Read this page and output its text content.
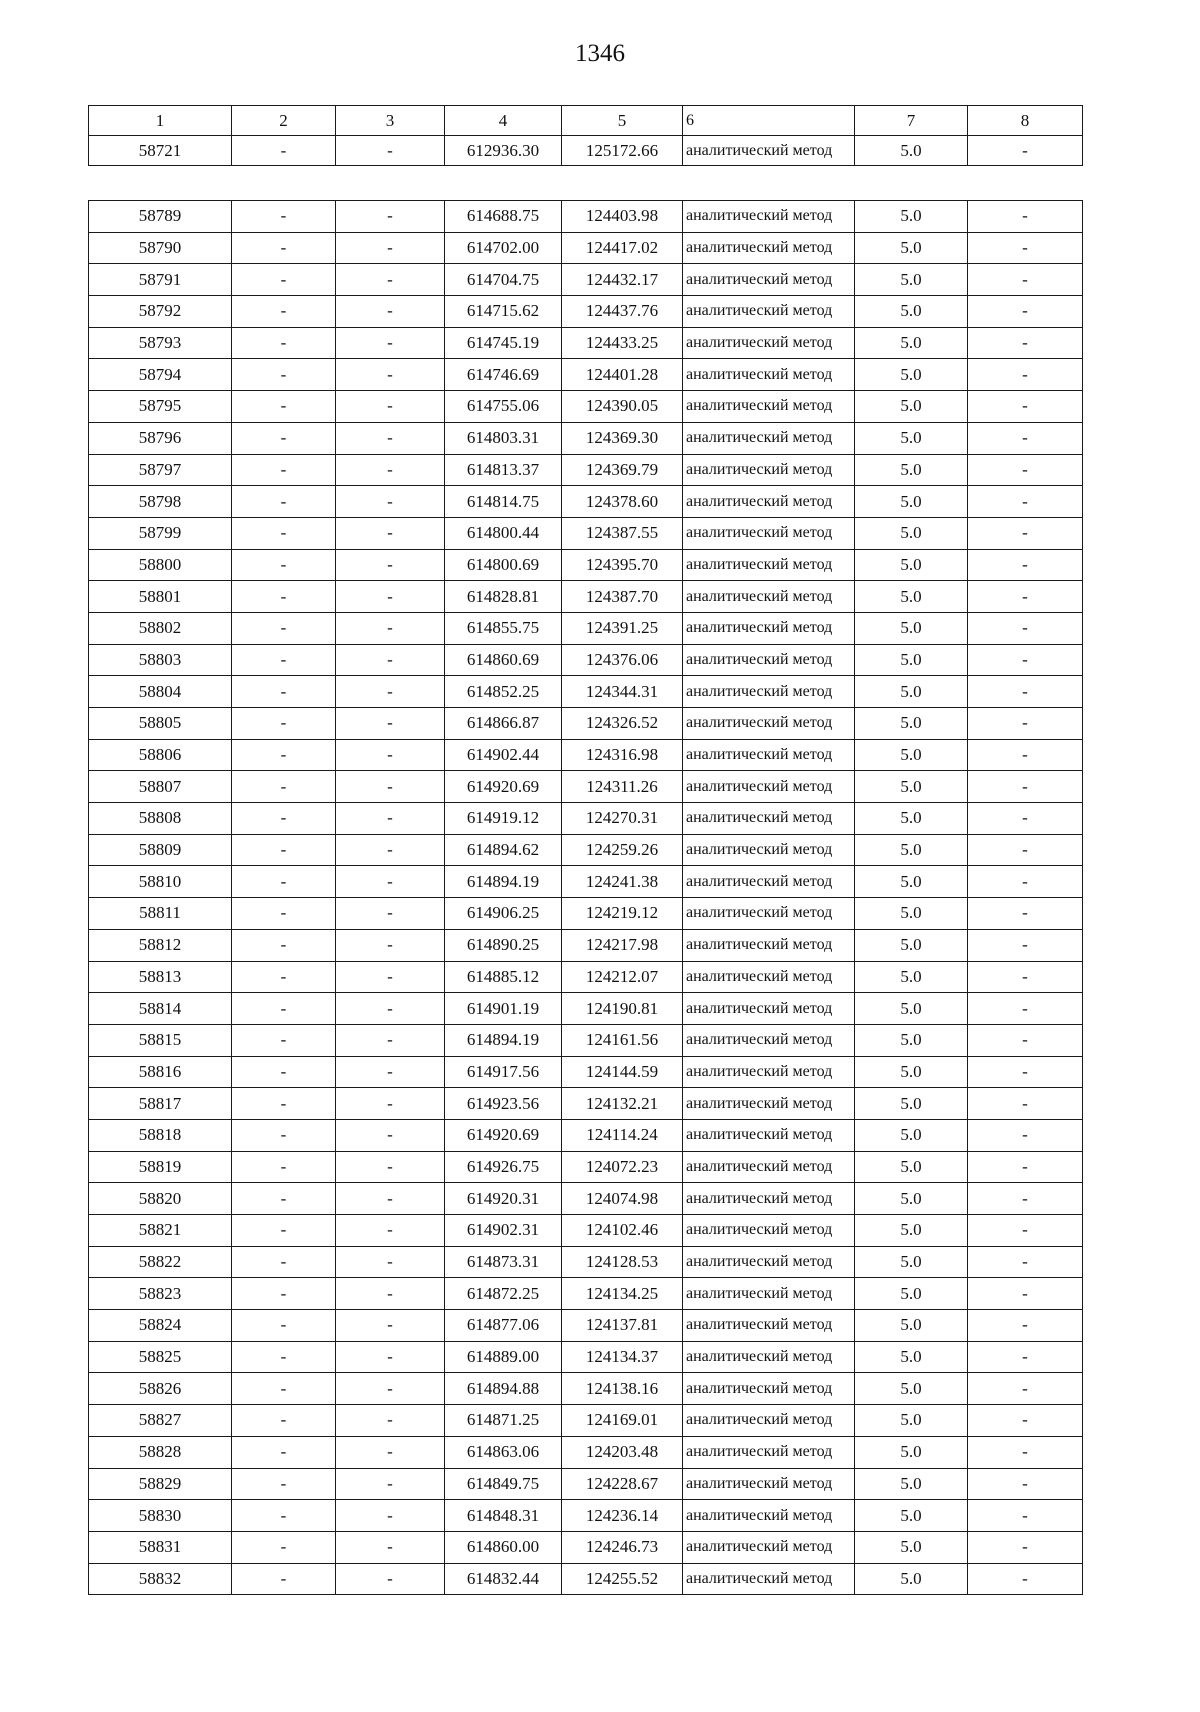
1346
1	2	3	4	5	6	7	8
58721	-	-	612936.30	125172.66	аналитический метод	5.0	-
58789	-	-	614688.75	124403.98	аналитический метод	5.0	-
58790	-	-	614702.00	124417.02	аналитический метод	5.0	-
58791	-	-	614704.75	124432.17	аналитический метод	5.0	-
58792	-	-	614715.62	124437.76	аналитический метод	5.0	-
58793	-	-	614745.19	124433.25	аналитический метод	5.0	-
58794	-	-	614746.69	124401.28	аналитический метод	5.0	-
58795	-	-	614755.06	124390.05	аналитический метод	5.0	-
58796	-	-	614803.31	124369.30	аналитический метод	5.0	-
58797	-	-	614813.37	124369.79	аналитический метод	5.0	-
58798	-	-	614814.75	124378.60	аналитический метод	5.0	-
58799	-	-	614800.44	124387.55	аналитический метод	5.0	-
58800	-	-	614800.69	124395.70	аналитический метод	5.0	-
58801	-	-	614828.81	124387.70	аналитический метод	5.0	-
58802	-	-	614855.75	124391.25	аналитический метод	5.0	-
58803	-	-	614860.69	124376.06	аналитический метод	5.0	-
58804	-	-	614852.25	124344.31	аналитический метод	5.0	-
58805	-	-	614866.87	124326.52	аналитический метод	5.0	-
58806	-	-	614902.44	124316.98	аналитический метод	5.0	-
58807	-	-	614920.69	124311.26	аналитический метод	5.0	-
58808	-	-	614919.12	124270.31	аналитический метод	5.0	-
58809	-	-	614894.62	124259.26	аналитический метод	5.0	-
58810	-	-	614894.19	124241.38	аналитический метод	5.0	-
58811	-	-	614906.25	124219.12	аналитический метод	5.0	-
58812	-	-	614890.25	124217.98	аналитический метод	5.0	-
58813	-	-	614885.12	124212.07	аналитический метод	5.0	-
58814	-	-	614901.19	124190.81	аналитический метод	5.0	-
58815	-	-	614894.19	124161.56	аналитический метод	5.0	-
58816	-	-	614917.56	124144.59	аналитический метод	5.0	-
58817	-	-	614923.56	124132.21	аналитический метод	5.0	-
58818	-	-	614920.69	124114.24	аналитический метод	5.0	-
58819	-	-	614926.75	124072.23	аналитический метод	5.0	-
58820	-	-	614920.31	124074.98	аналитический метод	5.0	-
58821	-	-	614902.31	124102.46	аналитический метод	5.0	-
58822	-	-	614873.31	124128.53	аналитический метод	5.0	-
58823	-	-	614872.25	124134.25	аналитический метод	5.0	-
58824	-	-	614877.06	124137.81	аналитический метод	5.0	-
58825	-	-	614889.00	124134.37	аналитический метод	5.0	-
58826	-	-	614894.88	124138.16	аналитический метод	5.0	-
58827	-	-	614871.25	124169.01	аналитический метод	5.0	-
58828	-	-	614863.06	124203.48	аналитический метод	5.0	-
58829	-	-	614849.75	124228.67	аналитический метод	5.0	-
58830	-	-	614848.31	124236.14	аналитический метод	5.0	-
58831	-	-	614860.00	124246.73	аналитический метод	5.0	-
58832	-	-	614832.44	124255.52	аналитический метод	5.0	-
